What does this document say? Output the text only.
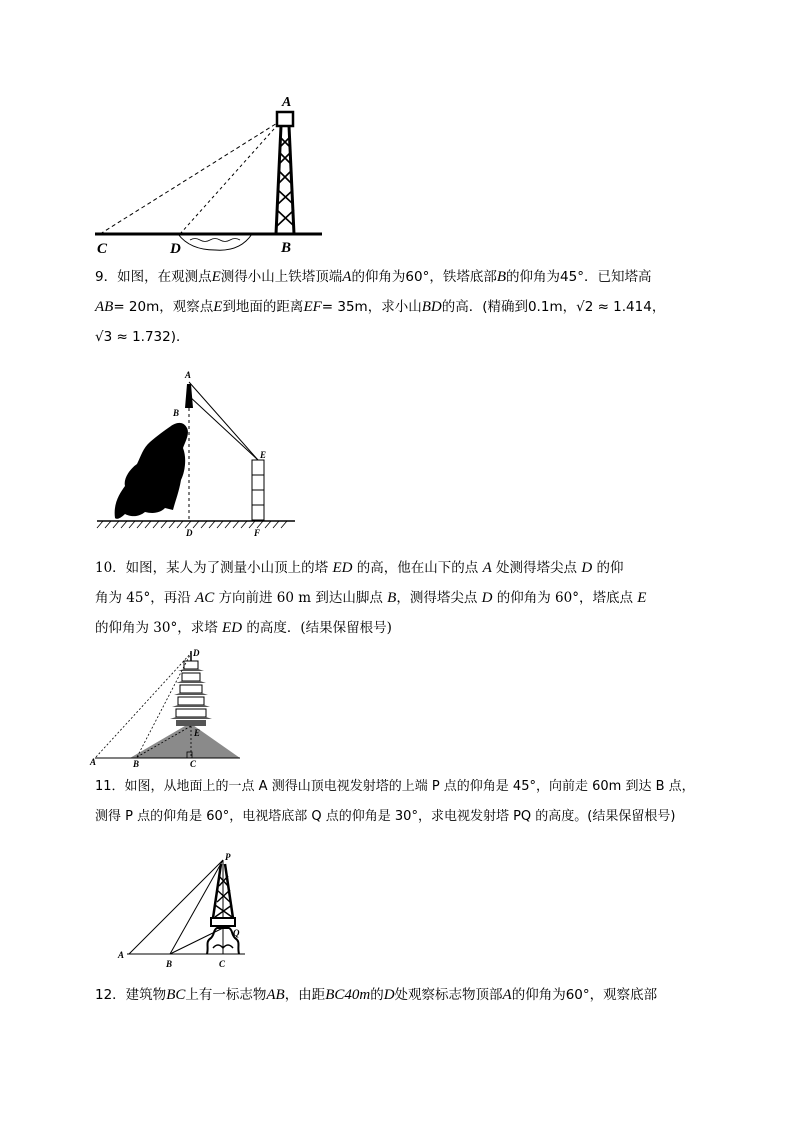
A
B
C	D

9．如图，在观测点E测得小山上铁塔顶端A的仰角为60°，铁塔底部B的仰角为45°．已知塔高

AB= 20m，观察点E到地面的距离EF= 35m，求小山BD的高．(精确到0.1m，√2 ≈ 1.414，

√3 ≈ 1.732)．

A
B
D
E
F

10．如图，某人为了测量小山顶上的塔 ED 的高，他在山下的点 A 处测得塔尖点 D 的仰

角为 45°，再沿 AC 方向前进 60 m 到达山脚点 B，测得塔尖点 D 的仰角为 60°，塔底点 E

的仰角为 30°，求塔 ED 的高度．(结果保留根号)

D
E
A	B	C

11．如图，从地面上的一点 A 测得山顶电视发射塔的上端 P 点的仰角是 45°，向前走 60m 到达 B 点，

测得 P 点的仰角是 60°，电视塔底部 Q 点的仰角是 30°，求电视发射塔 PQ 的高度。(结果保留根号)

P
Q
A
B	C

12．建筑物BC上有一标志物AB，由距BC40m的D处观察标志物顶部A的仰角为60°，观察底部
